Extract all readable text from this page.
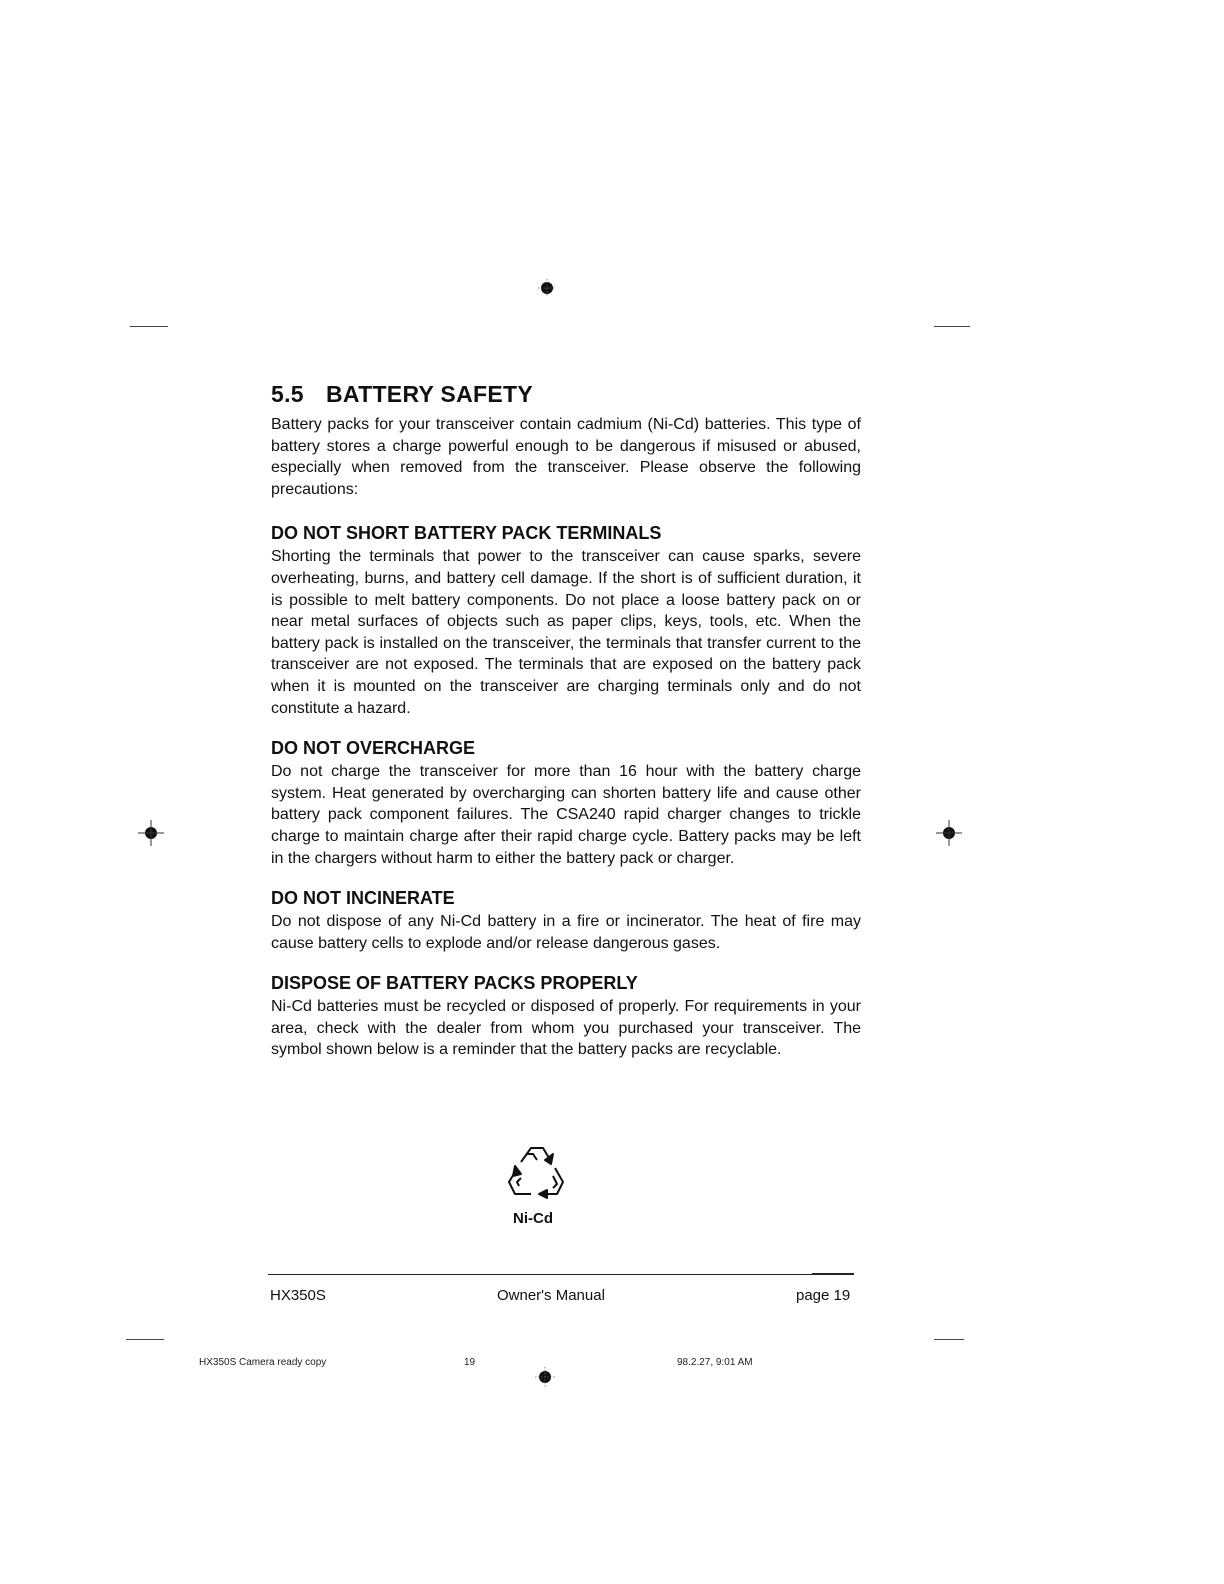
5.5 BATTERY SAFETY

Battery packs for your transceiver contain cadmium (Ni-Cd) batteries. This type of battery stores a charge powerful enough to be dangerous if misused or abused, especially when removed from the transceiver. Please observe the following precautions:

DO NOT SHORT BATTERY PACK TERMINALS

Shorting the terminals that power to the transceiver can cause sparks, severe overheating, burns, and battery cell damage. If the short is of sufficient duration, it is possible to melt battery components. Do not place a loose battery pack on or near metal surfaces of objects such as paper clips, keys, tools, etc. When the battery pack is installed on the transceiver, the terminals that transfer current to the transceiver are not exposed. The terminals that are exposed on the battery pack when it is mounted on the transceiver are charging terminals only and do not constitute a hazard.

DO NOT OVERCHARGE

Do not charge the transceiver for more than 16 hour with the battery charge system. Heat generated by overcharging can shorten battery life and cause other battery pack component failures. The CSA240 rapid charger changes to trickle charge to maintain charge after their rapid charge cycle. Battery packs may be left in the chargers without harm to either the battery pack or charger.

DO NOT INCINERATE

Do not dispose of any Ni-Cd battery in a fire or incinerator. The heat of fire may cause battery cells to explode and/or release dangerous gases.

DISPOSE OF BATTERY PACKS PROPERLY

Ni-Cd batteries must be recycled or disposed of properly. For requirements in your area, check with the dealer from whom you purchased your transceiver. The symbol shown below is a reminder that the battery packs are recyclable.

Ni-Cd
HX350S	Owner's Manual	page 19
HX350S Camera ready copy	19	98.2.27, 9:01 AM
